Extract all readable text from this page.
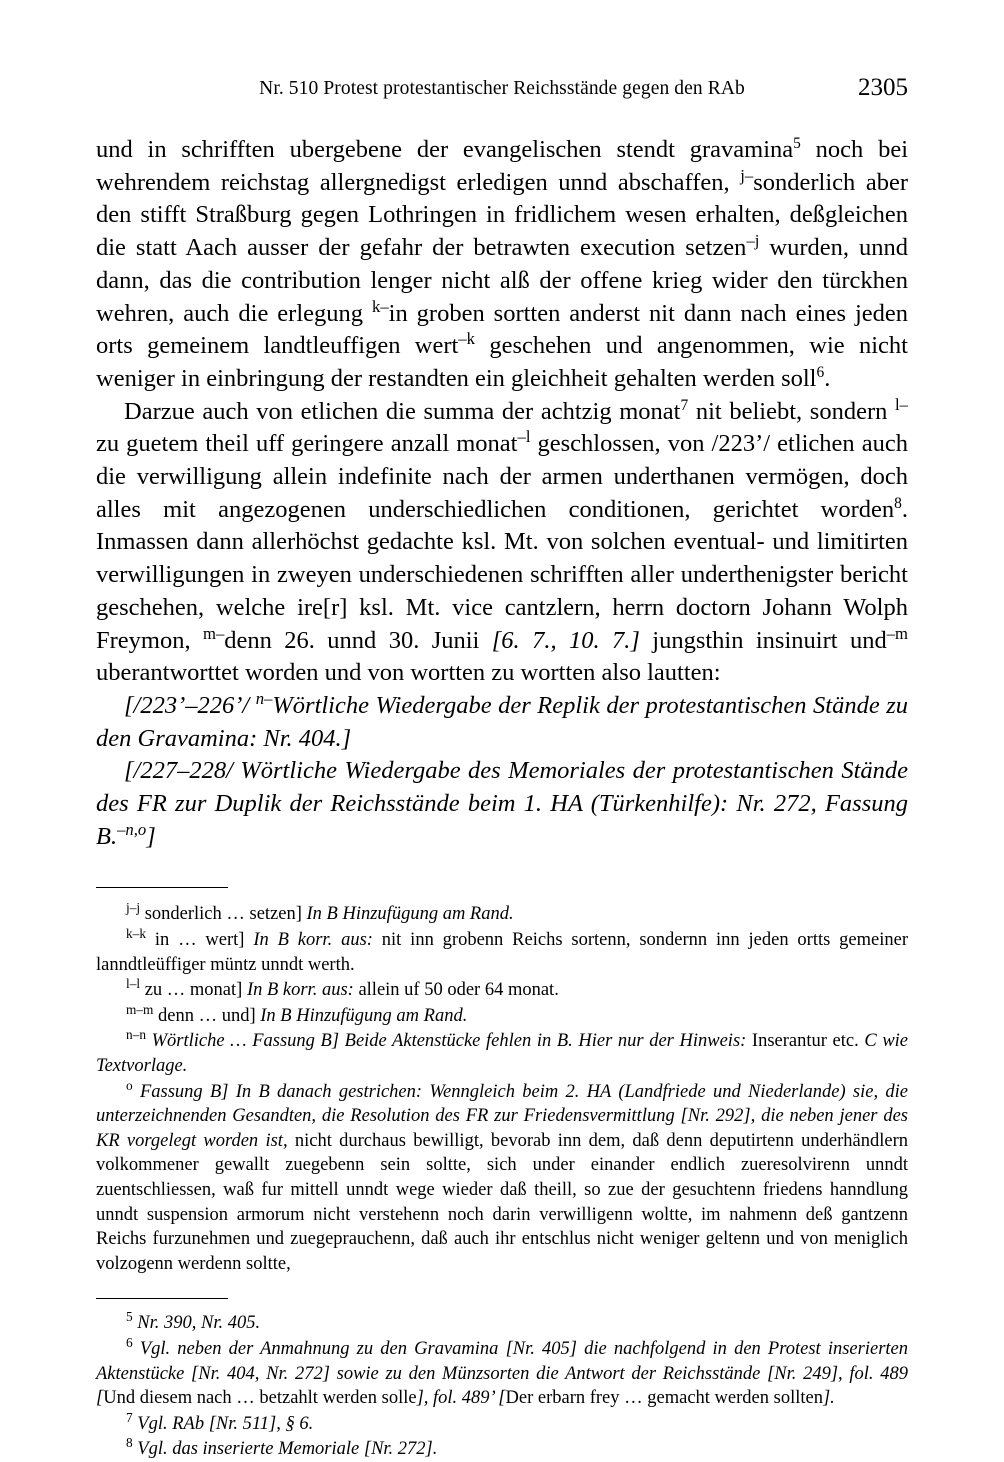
Nr. 510 Protest protestantischer Reichsstände gegen den RAb	2305

und in schrifften ubergebene der evangelischen stendt gravamina$^5$ noch bei wehrendem reichstag allergnedigst erledigen unnd abschaffen, $^{j-}$sonderlich aber den stifft Straßburg gegen Lothringen in fridlichem wesen erhalten, deßgleichen die statt Aach ausser der gefahr der betrawten execution setzen$^{-j}$ wurden, unnd dann, das die contribution lenger nicht alß der offene krieg wider den türckhen wehren, auch die erlegung $^{k-}$in groben sortten anderst nit dann nach eines jeden orts gemeinem landtleuffigen wert$^{-k}$ geschehen und angenommen, wie nicht weniger in einbringung der restandten ein gleichheit gehalten werden soll$^6$.

Darzue auch von etlichen die summa der achtzig monat$^7$ nit beliebt, sondern $^{l-}$zu guetem theil uff geringere anzall monat$^{-l}$ geschlossen, von /223’/ etlichen auch die verwilligung allein indefinite nach der armen underthanen vermögen, doch alles mit angezogenen underschiedlichen conditionen, gerichtet worden$^8$. Inmassen dann allerhöchst gedachte ksl. Mt. von solchen eventual- und limitirten verwilligungen in zweyen underschiedenen schrifften aller underthenigster bericht geschehen, welche ire[r] ksl. Mt. vice cantzlern, herrn doctorn Johann Wolph Freymon, $^{m-}$denn 26. unnd 30. Junii [6. 7., 10. 7.] jungsthin insinuirt und$^{-m}$ uberantworttet worden und von wortten zu wortten also lautten:

[/223’–226’/ $^{n-}$Wörtliche Wiedergabe der Replik der protestantischen Stände zu den Gravamina: Nr. 404.]

[/227–228/ Wörtliche Wiedergabe des Memoriales der protestantischen Stände des FR zur Duplik der Reichsstände beim 1. HA (Türkenhilfe): Nr. 272, Fassung B.$^{-n,o}$]

$^{j-j}$ sonderlich … setzen] In B Hinzufügung am Rand.

$^{k-k}$ in … wert] In B korr. aus: nit inn grobenn Reichs sortenn, sondernn inn jeden ortts gemeiner lanndtleüffiger müntz unndt werth.

$^{l-l}$ zu … monat] In B korr. aus: allein uf 50 oder 64 monat.

$^{m-m}$ denn … und] In B Hinzufügung am Rand.

$^{n-n}$ Wörtliche … Fassung B] Beide Aktenstücke fehlen in B. Hier nur der Hinweis: Inserantur etc. C wie Textvorlage.

$^o$ Fassung B] In B danach gestrichen: Wenngleich beim 2. HA (Landfriede und Niederlande) sie, die unterzeichnenden Gesandten, die Resolution des FR zur Friedensvermittlung [Nr. 292], die neben jener des KR vorgelegt worden ist, nicht durchaus bewilligt, bevorab inn dem, daß denn deputirtenn underhändlern volkommener gewallt zuegebenn sein soltte, sich under einander endlich zueresolvirenn unndt zuentschliessen, waß fur mittell unndt wege wieder daß theill, so zue der gesuchtenn friedens hanndlung unndt suspension armorum nicht verstehenn noch darin verwilligenn woltte, im nahmenn deß gantzenn Reichs furzunehmen und zuegeprauchenn, daß auch ihr entschlus nicht weniger geltenn und von meniglich volzogenn werdenn soltte,

$^5$ Nr. 390, Nr. 405.

$^6$ Vgl. neben der Anmahnung zu den Gravamina [Nr. 405] die nachfolgend in den Protest inserierten Aktenstücke [Nr. 404, Nr. 272] sowie zu den Münzsorten die Antwort der Reichsstände [Nr. 249], fol. 489 [Und diesem nach … betzahlt werden solle], fol. 489’ [Der erbarn frey … gemacht werden sollten].

$^7$ Vgl. RAb [Nr. 511], § 6.

$^8$ Vgl. das inserierte Memoriale [Nr. 272].
